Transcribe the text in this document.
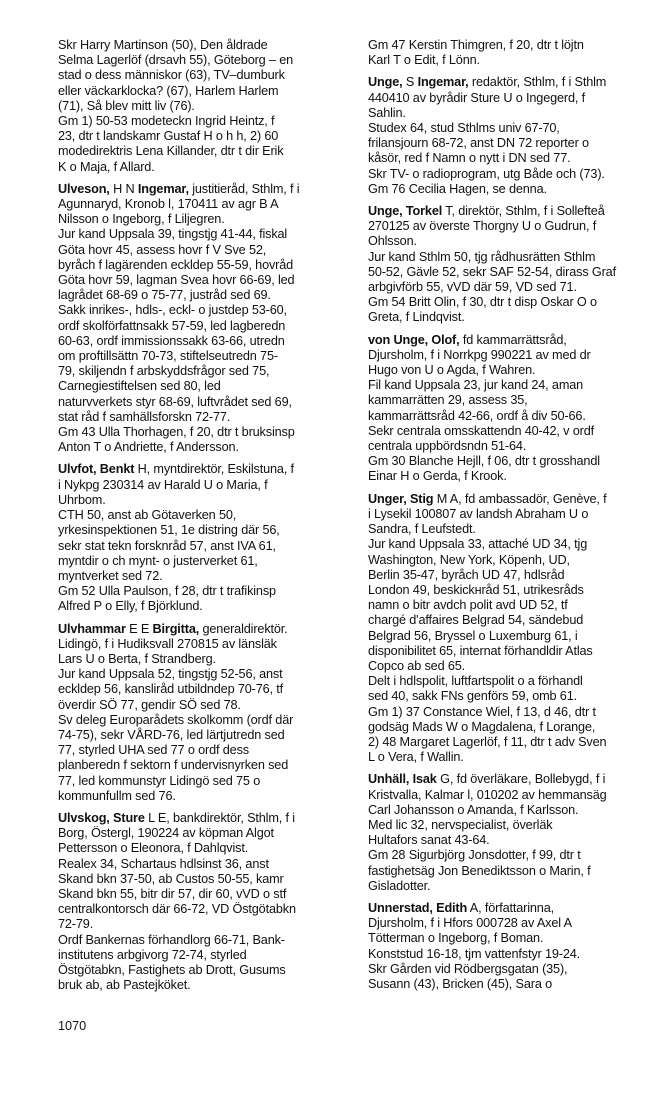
Skr Harry Martinson (50), Den åldrade
Selma Lagerlöf (drsavh 55), Göteborg – en
stad o dess människor (63), TV–dumburk
eller väckarklocka? (67), Harlem Harlem
(71), Så blev mitt liv (76).
Gm 1) 50-53 modeteckn Ingrid Heintz, f
23, dtr t landskamr Gustaf H o h h, 2) 60
modedirektris Lena Killander, dtr t dir Erik
K o Maja, f Allard.
Ulveson, H N Ingemar, justitieråd, Sthlm, f i
Agunnaryd, Kronob l, 170411 av agr B A
Nilsson o Ingeborg, f Liljegren.
Jur kand Uppsala 39, tingstjg 41-44, fiskal
Göta hovr 45, assess hovr f V Sve 52,
byråch f lagärenden eckldep 55-59, hovråd
Göta hovr 59, lagman Svea hovr 66-69, led
lagrådet 68-69 o 75-77, justråd sed 69.
Sakk inrikes-, hdls-, eckl- o justdep 53-60,
ordf skolförfattnsakk 57-59, led lagberedn
60-63, ordf immissionssakk 63-66, utredn
om proftillsättn 70-73, stiftelseutredn 75-
79, skiljendn f arbskyddsfrågor sed 75,
Carnegiestiftelsen sed 80, led
naturvverkets styr 68-69, luftvrådet sed 69,
stat råd f samhällsforskn 72-77.
Gm 43 Ulla Thorhagen, f 20, dtr t bruksinsp
Anton T o Andriette, f Andersson.
Ulvfot, Benkt H, myntdirektör, Eskilstuna, f
i Nykpg 230314 av Harald U o Maria, f
Uhrbom.
CTH 50, anst ab Götaverken 50,
yrkesinspektionen 51, 1e distring där 56,
sekr stat tekn forsknråd 57, anst IVA 61,
myntdir o ch mynt- o justerverket 61,
myntverket sed 72.
Gm 52 Ulla Paulson, f 28, dtr t trafikinsp
Alfred P o Elly, f Björklund.
Ulvhammar E E Birgitta, generaldirektör.
Lidingö, f i Hudiksvall 270815 av länsläk
Lars U o Berta, f Strandberg.
Jur kand Uppsala 52, tingstjg 52-56, anst
eckldep 56, kanslіråd utbildndep 70-76, tf
överdir SÖ 77, gendir SÖ sed 78.
Sv deleg Europarådets skolkomm (ordf där
74-75), sekr VÅRD-76, led lärtjutredn sed
77, styrled UHA sed 77 o ordf dess
planberedn f sektorn f undervisnyrken sed
77, led kommunstyr Lidingö sed 75 o
kommunfullm sed 76.
Ulvskog, Sture L E, bankdirektör, Sthlm, f i
Borg, Östergl, 190224 av köpman Algot
Pettersson o Eleonora, f Dahlqvist.
Realex 34, Schartaus hdlsinst 36, anst
Skand bkn 37-50, ab Custos 50-55, kamr
Skand bkn 55, bitr dir 57, dir 60, vVD o stf
centralkontorsch där 66-72, VD Östgötabkn
72-79.
Ordf Bankernas förhandlorg 66-71, Bank-
institutens arbgivorg 72-74, styrled
Östgötabkn, Fastighets ab Drott, Gusums
bruk ab, ab Pastejköket.
Gm 47 Kerstin Thimgren, f 20, dtr t löjtn
Karl T o Edit, f Lönn.
Unge, S Ingemar, redaktör, Sthlm, f i Sthlm
440410 av byrådir Sture U o Ingegerd, f
Sahlin.
Studex 64, stud Sthlms univ 67-70,
frilansjourn 68-72, anst DN 72 reporter o
kåsör, red f Namn o nytt i DN sed 77.
Skr TV- o radioprogram, utg Både och (73).
Gm 76 Cecilia Hagen, se denna.
Unge, Torkel T, direktör, Sthlm, f i Sollefteå
270125 av överste Thorgny U o Gudrun, f
Ohlsson.
Jur kand Sthlm 50, tjg rådhusrätten Sthlm
50-52, Gävle 52, sekr SAF 52-54, dirass Graf
arbgivförb 55, vVD där 59, VD sed 71.
Gm 54 Britt Olin, f 30, dtr t disp Oskar O o
Greta, f Lindqvist.
von Unge, Olof, fd kammarrättsråd,
Djursholm, f i Norrkpg 990221 av med dr
Hugo von U o Agda, f Wahren.
Fil kand Uppsala 23, jur kand 24, aman
kammarrätten 29, assess 35,
kammarrättsråd 42-66, ordf å div 50-66.
Sekr centrala omsskattendn 40-42, v ordf
centrala uppbördsndn 51-64.
Gm 30 Blanche Hejll, f 06, dtr t grosshandl
Einar H o Gerda, f Krook.
Unger, Stig M A, fd ambassadör, Genève, f
i Lysekil 100807 av landsh Abraham U o
Sandra, f Leufstedt.
Jur kand Uppsala 33, attaché UD 34, tjg
Washington, New York, Köpenh, UD,
Berlin 35-47, byråch UD 47, hdlsråd
London 49, beskickнråd 51, utrikesråds
namn o bitr avdch polit avd UD 52, tf
chargé d'affaires Belgrad 54, sändebud
Belgrad 56, Bryssel o Luxemburg 61, i
disponibilitet 65, internat förhandldir Atlas
Copco ab sed 65.
Delt i hdlspolit, luftfartspolit o a förhandl
sed 40, sakk FNs genförs 59, omb 61.
Gm 1) 37 Constance Wiel, f 13, d 46, dtr t
godsäg Mads W o Magdalena, f Lorange,
2) 48 Margaret Lagerlöf, f 11, dtr t adv Sven
L o Vera, f Wallin.
Unhäll, Isak G, fd överläkare, Bollebygd, f i
Kristvalla, Kalmar l, 010202 av hemmansäg
Carl Johansson o Amanda, f Karlsson.
Med lic 32, nervspecialist, överläk
Hultafors sanat 43-64.
Gm 28 Sigurbjörg Jonsdotter, f 99, dtr t
fastighetsäg Jon Benediktsson o Marin, f
Gisladotter.
Unnerstad, Edith A, författarinna,
Djursholm, f i Hfors 000728 av Axel A
Tötterman o Ingeborg, f Boman.
Konststud 16-18, tjm vattenfstyr 19-24.
Skr Gården vid Rödbergsgatan (35),
Susann (43), Bricken (45), Sara o
1070
